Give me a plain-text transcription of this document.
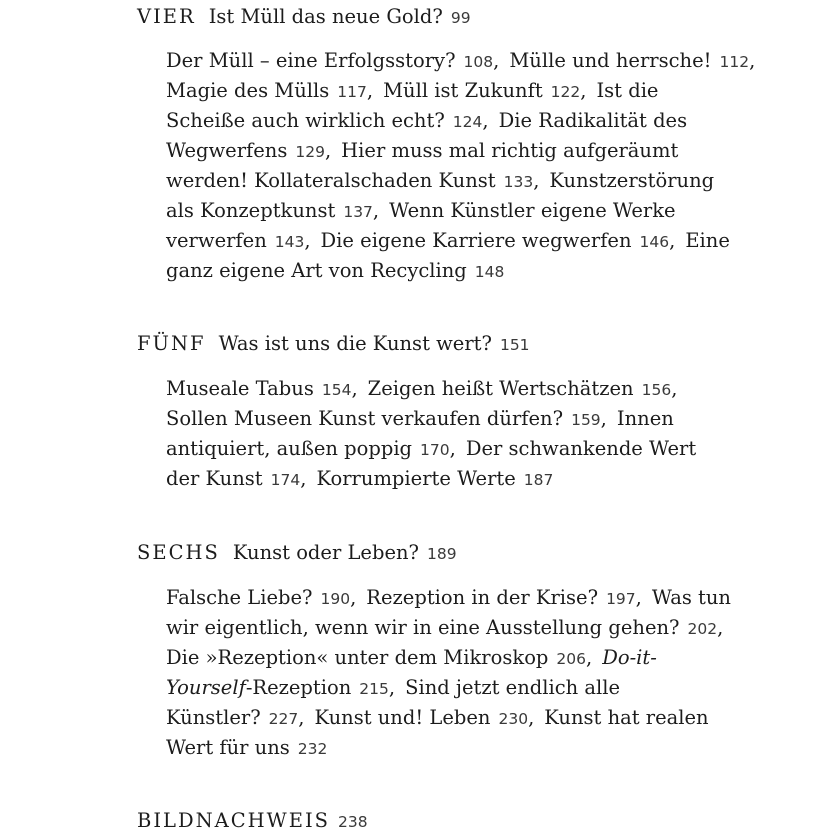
VIER Ist Müll das neue Gold? 99
Der Müll – eine Erfolgsstory? 108, Mülle und herrsche! 112,
Magie des Mülls 117, Müll ist Zukunft 122, Ist die
Scheiße auch wirklich echt? 124, Die Radikalität des
Wegwerfens 129, Hier muss mal richtig aufgeräumt
werden! Kollateralschaden Kunst 133, Kunstzerstörung
als Konzeptkunst 137, Wenn Künstler eigene Werke
verwerfen 143, Die eigene Karriere wegwerfen 146, Eine
ganz eigene Art von Recycling 148
FÜNF Was ist uns die Kunst wert? 151
Museale Tabus 154, Zeigen heißt Wertschätzen 156,
Sollen Museen Kunst verkaufen dürfen? 159, Innen
antiquiert, außen poppig 170, Der schwankende Wert
der Kunst 174, Korrumpierte Werte 187
SECHS Kunst oder Leben? 189
Falsche Liebe? 190, Rezeption in der Krise? 197, Was tun
wir eigentlich, wenn wir in eine Ausstellung gehen? 202,
Die »Rezeption« unter dem Mikroskop 206, Do-it-
Yourself-Rezeption 215, Sind jetzt endlich alle
Künstler? 227, Kunst und! Leben 230, Kunst hat realen
Wert für uns 232
BILDNACHWEIS 238
